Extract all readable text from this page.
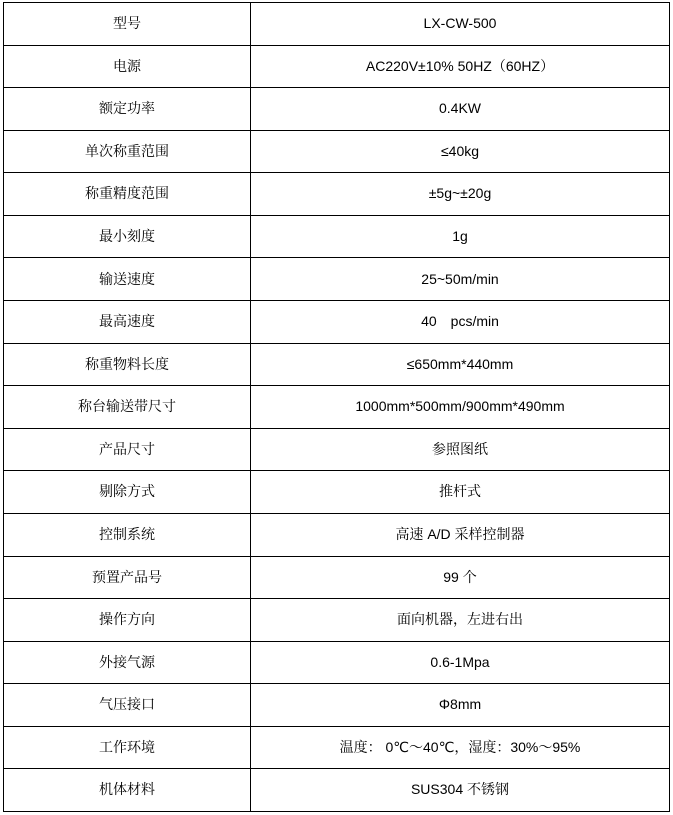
型号	LX-CW-500
电源	AC220V±10% 50HZ（60HZ）
额定功率	0.4KW
单次称重范围	≤40kg
称重精度范围	±5g~±20g
最小刻度	1g
输送速度	25~50m/min
最高速度	40　pcs/min
称重物料长度	≤650mm*440mm
称台输送带尺寸	1000mm*500mm/900mm*490mm
产品尺寸	参照图纸
剔除方式	推杆式
控制系统	高速 A/D 采样控制器
预置产品号	99 个
操作方向	面向机器，左进右出
外接气源	0.6-1Mpa
气压接口	Φ8mm
工作环境	温度： 0℃～40℃，湿度：30%～95%
机体材料	SUS304 不锈钢
